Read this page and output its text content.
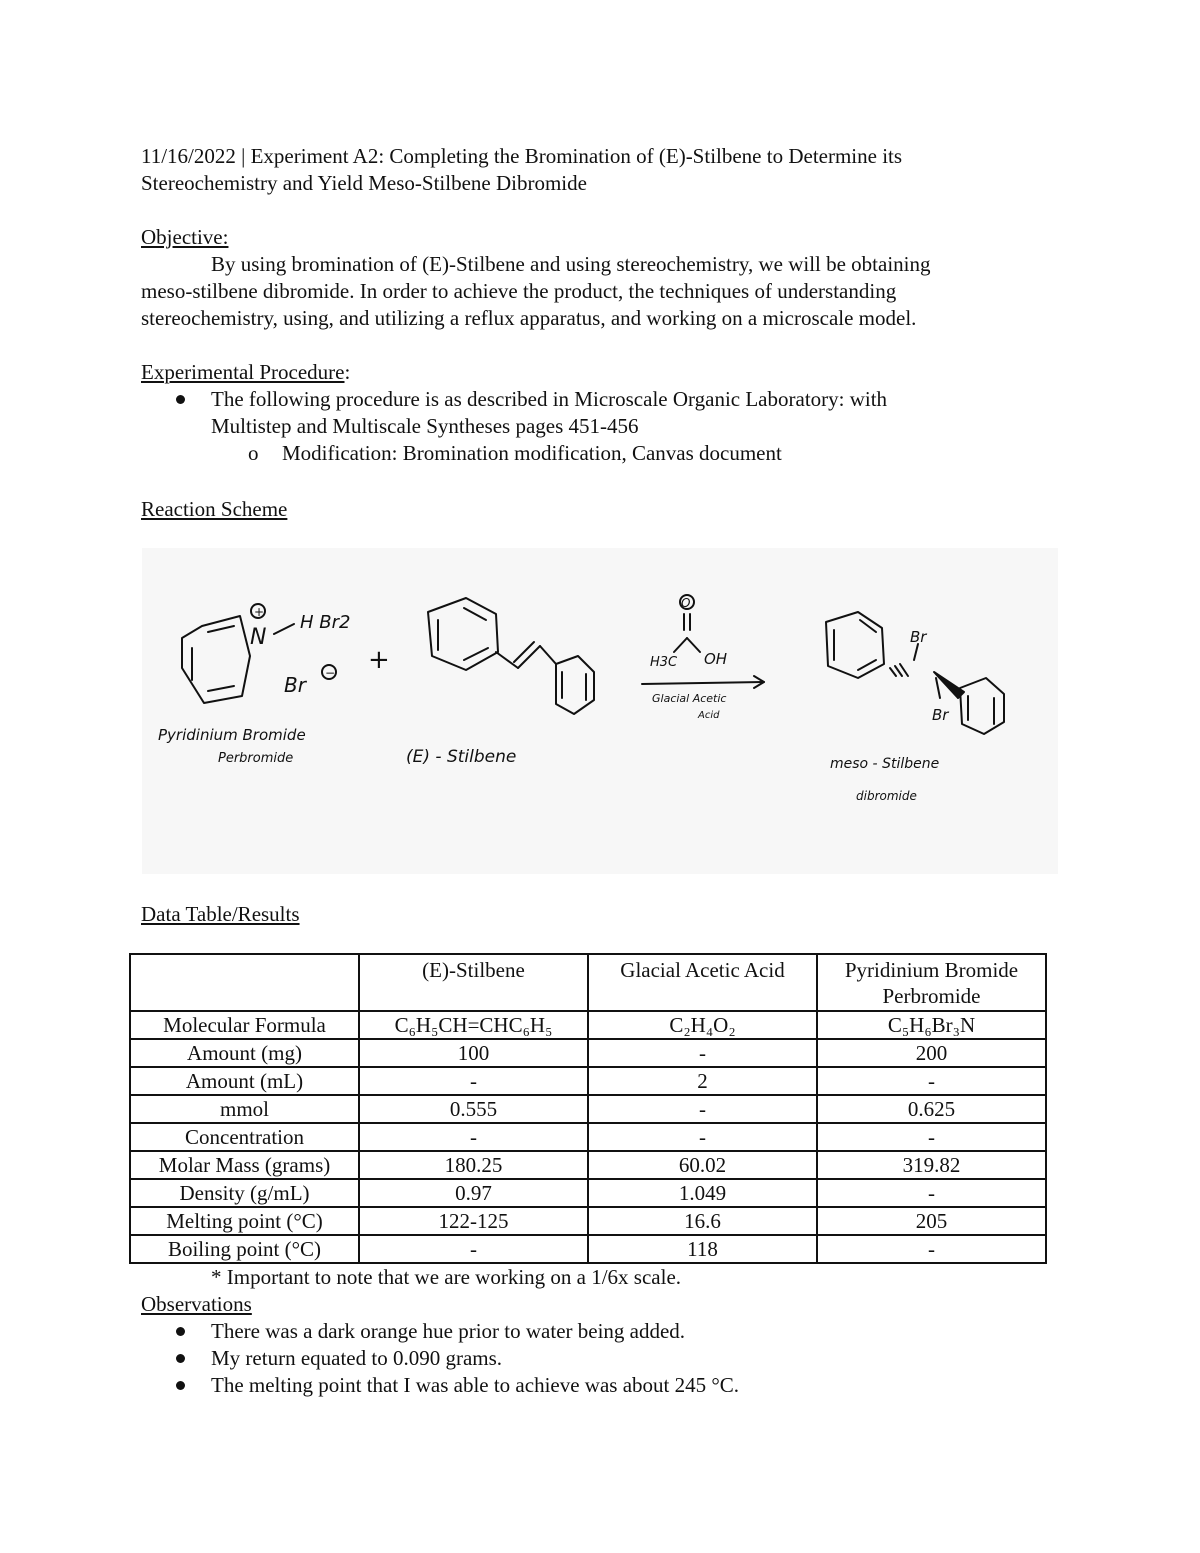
11/16/2022 | Experiment A2: Completing the Bromination of (E)-Stilbene to Determine its
Stereochemistry and Yield Meso-Stilbene Dibromide
Objective:
By using bromination of (E)-Stilbene and using stereochemistry, we will be obtaining
meso-stilbene dibromide. In order to achieve the product, the techniques of understanding
stereochemistry, using, and utilizing a reflux apparatus, and working on a microscale model.
Experimental Procedure:
The following procedure is as described in Microscale Organic Laboratory: with
Multistep and Multiscale Syntheses pages 451-456
o Modification: Bromination modification, Canvas document
Reaction Scheme
N
+ H Br2
Br −
Pyridinium Bromide
Perbromide
+
(E) - Stilbene
O
H3C OH
Glacial Acetic
Acid
Br
Br
meso - Stilbene
dibromide
Data Table/Results
	(E)-Stilbene	Glacial Acetic Acid	Pyridinium Bromide Perbromide
Molecular Formula	C₆H₅CH=CHC₆H₅	C₂H₄O₂	C₅H₆Br₃N
Amount (mg)	100	-	200
Amount (mL)	-	2	-
mmol	0.555	-	0.625
Concentration	-	-	-
Molar Mass (grams)	180.25	60.02	319.82
Density (g/mL)	0.97	1.049	-
Melting point (°C)	122-125	16.6	205
Boiling point (°C)	-	118	-
* Important to note that we are working on a 1/6x scale.
Observations
There was a dark orange hue prior to water being added.
My return equated to 0.090 grams.
The melting point that I was able to achieve was about 245 °C.
